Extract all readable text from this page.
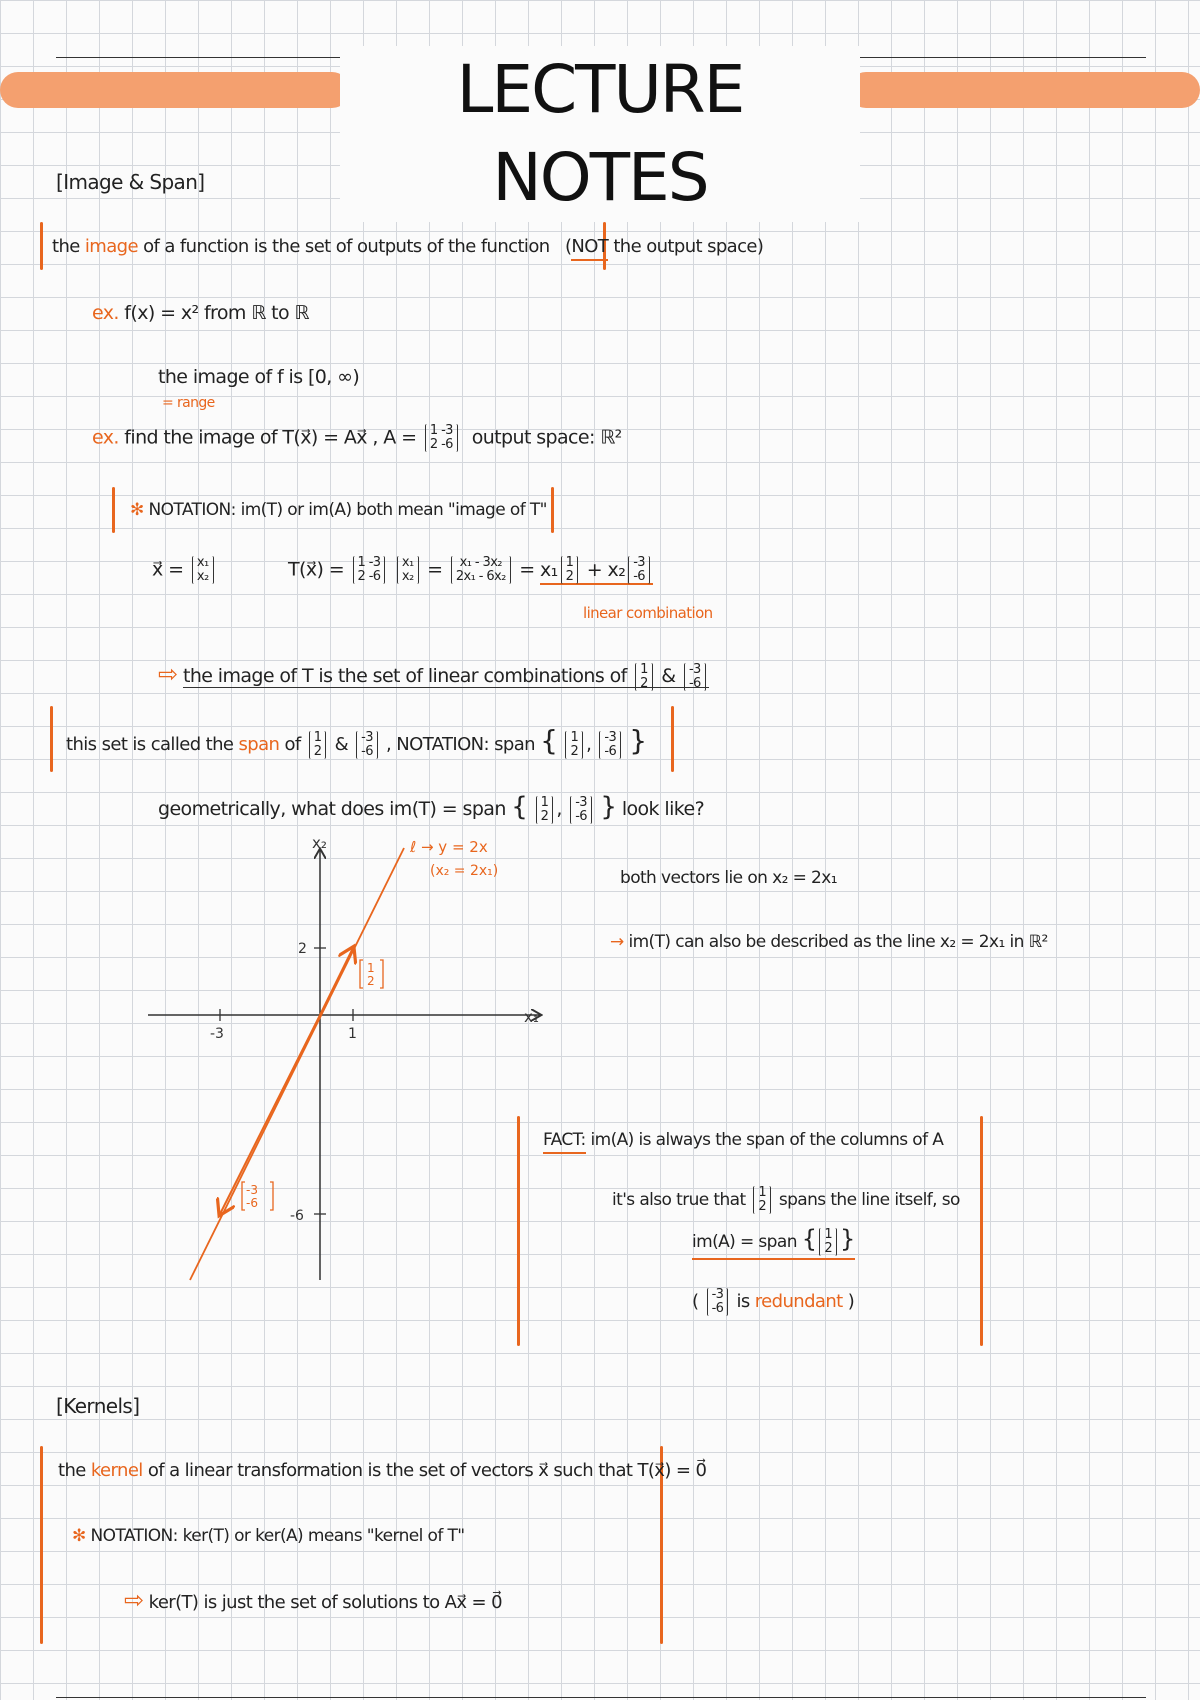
LECTURE NOTES
[Image & Span]
the image of a function is the set of outputs of the function (NOT the output space)
ex. f(x) = x² from ℝ to ℝ
the image of f is [0, ∞)
= range
ex. find the image of T(x⃗) = Ax⃗ , A = 1 -3
2 -6 output space: ℝ²
✻ NOTATION: im(T) or im(A) both mean "image of T"
x⃗ = x₁
x₂	T(x⃗) = 1 -3
2 -6

x₁
x₂ = x₁ - 3x₂
2x₁ - 6x₂ = x₁ 1
2 + x₂ -3
-6
linear combination
⇨ the image of T is the set of linear combinations of 1
2 & -3
-6
this set is called the span of 1
2 & -3
-6 , NOTATION: span { 1
2 , -3
-6 }
geometrically, what does im(T) = span { 1
2 , -3
-6 } look like?
x₂
x₁
2
-6
-3	1
ℓ → y = 2x
(x₂ = 2x₁)
1
2
-3
-6
both vectors lie on x₂ = 2x₁
→ im(T) can also be described as the line x₂ = 2x₁ in ℝ²
FACT: im(A) is always the span of the columns of A
it's also true that 1
2 spans the line itself, so
im(A) = span { 1
2 }
( -3
-6 is redundant )
[Kernels]
the kernel of a linear transformation is the set of vectors x⃗ such that T(x⃗) = 0⃗
✻ NOTATION: ker(T) or ker(A) means "kernel of T"
⇨ ker(T) is just the set of solutions to Ax⃗ = 0⃗
